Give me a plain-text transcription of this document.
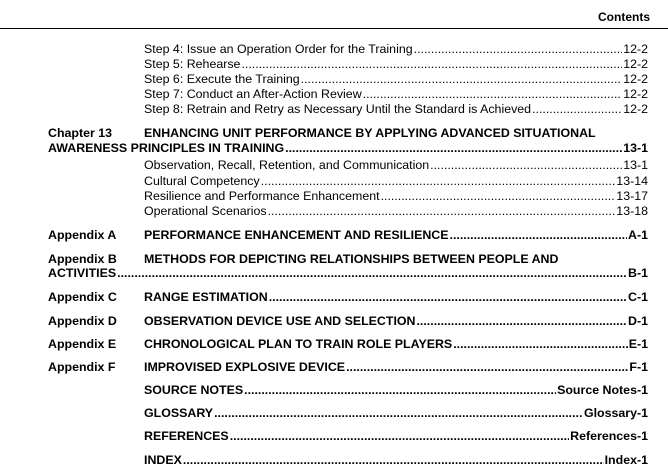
Contents
Step 4: Issue an Operation Order for the Training .....	12-2
Step 5: Rehearse .....	12-2
Step 6: Execute the Training .....	12-2
Step 7: Conduct an After-Action Review .....	12-2
Step 8: Retrain and Retry as Necessary Until the Standard is Achieved .....	12-2
Chapter 13	ENHANCING UNIT PERFORMANCE BY APPLYING ADVANCED SITUATIONAL
AWARENESS PRINCIPLES IN TRAINING .....	13-1
Observation, Recall, Retention, and Communication .....	13-1
Cultural Competency .....	13-14
Resilience and Performance Enhancement .....	13-17
Operational Scenarios .....	13-18
Appendix A PERFORMANCE ENHANCEMENT AND RESILIENCE .....	A-1
Appendix B METHODS FOR DEPICTING RELATIONSHIPS BETWEEN PEOPLE AND
ACTIVITIES .....	B-1
Appendix C RANGE ESTIMATION .....	C-1
Appendix D OBSERVATION DEVICE USE AND SELECTION .....	D-1
Appendix E CHRONOLOGICAL PLAN TO TRAIN ROLE PLAYERS .....	E-1
Appendix F IMPROVISED EXPLOSIVE DEVICE .....	F-1
SOURCE NOTES .....	Source Notes-1
GLOSSARY .....	Glossary-1
REFERENCES .....	References-1
INDEX .....	Index-1
